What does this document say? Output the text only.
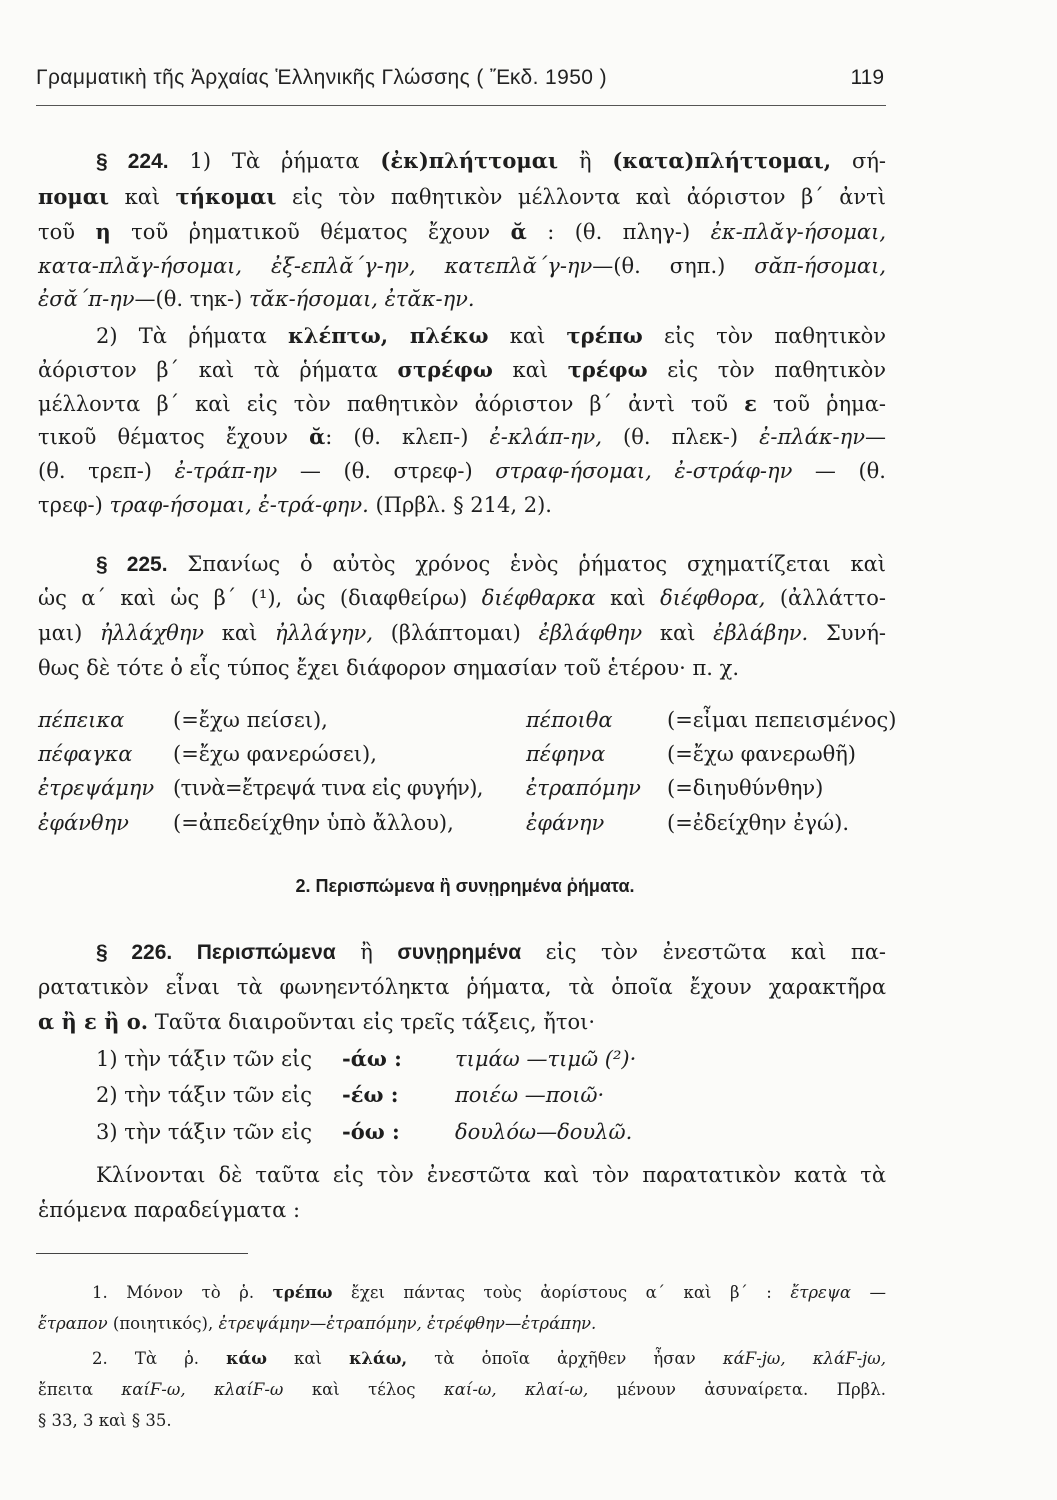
Γραμματικὴ τῆς Ἀρχαίας Ἑλληνικῆς Γλώσσης ( Ἔκδ. 1950 )	119
§ 224. 1) Τὰ ῥήματα (ἐκ)πλήττομαι ἢ (κατα)πλήττομαι, σή-
πομαι καὶ τήκομαι εἰς τὸν παθητικὸν μέλλοντα καὶ ἀόριστον β΄ ἀντὶ
τοῦ η τοῦ ῥηματικοῦ θέματος ἔχουν ᾰ : (θ. πληγ-) ἐκ-πλᾰγ-ήσομαι,
κατα-πλᾰγ-ήσομαι, ἐξ-επλᾰ΄γ-ην, κατεπλᾰ΄γ-ην—(θ. σηπ.) σᾰπ-ήσομαι,
ἐσᾰ΄π-ην—(θ. τηκ-) τᾰκ-ήσομαι, ἐτᾰκ-ην.
2) Τὰ ῥήματα κλέπτω, πλέκω καὶ τρέπω εἰς τὸν παθητικὸν
ἀόριστον β΄ καὶ τὰ ῥήματα στρέφω καὶ τρέφω εἰς τὸν παθητικὸν
μέλλοντα β΄ καὶ εἰς τὸν παθητικὸν ἀόριστον β΄ ἀντὶ τοῦ ε τοῦ ῥημα-
τικοῦ θέματος ἔχουν ᾰ: (θ. κλεπ-) ἐ-κλάπ-ην, (θ. πλεκ-) ἐ-πλάκ-ην—
(θ. τρεπ-) ἐ-τράπ-ην — (θ. στρεφ-) στραφ-ήσομαι, ἐ-στράφ-ην — (θ.
τρεφ-) τραφ-ήσομαι, ἐ-τρά-φην. (Πρβλ. § 214, 2).
§ 225. Σπανίως ὁ αὐτὸς χρόνος ἑνὸς ῥήματος σχηματίζεται καὶ
ὡς α΄ καὶ ὡς β΄ (¹), ὡς (διαφθείρω) διέφθαρκα καὶ διέφθορα, (ἀλλάττο-
μαι) ἠλλάχθην καὶ ἠλλάγην, (βλάπτομαι) ἐβλάφθην καὶ ἐβλάβην. Συνή-
θως δὲ τότε ὁ εἷς τύπος ἔχει διάφορον σημασίαν τοῦ ἑτέρου· π. χ.
πέπεικα (=ἔχω πείσει),	πέποιθα	(=εἶμαι πεπεισμένος)
πέφαγκα (=ἔχω φανερώσει),	πέφηνα	(=ἔχω φανερωθῆ)
ἐτρεψάμην (τινὰ=ἔτρεψά τινα εἰς φυγήν), ἐτραπόμην (=διηυθύνθην)
ἐφάνθην (=ἀπεδείχθην ὑπὸ ἄλλου),	ἐφάνην	(=ἐδείχθην ἐγώ).
2. Περισπώμενα ἢ συνῃρημένα ῥήματα.
§ 226. Περισπώμενα ἢ συνῃρημένα εἰς τὸν ἐνεστῶτα καὶ πα-
ρατατικὸν εἶναι τὰ φωνηεντόληκτα ῥήματα, τὰ ὁποῖα ἔχουν χαρακτῆρα
α ἢ ε ἢ ο. Ταῦτα διαιροῦνται εἰς τρεῖς τάξεις, ἤτοι·
1) τὴν τάξιν τῶν εἰς -άω :	τιμάω —τιμῶ (²)·
2) τὴν τάξιν τῶν εἰς -έω :	ποιέω —ποιῶ·
3) τὴν τάξιν τῶν εἰς -όω :	δουλόω—δουλῶ.
Κλίνονται δὲ ταῦτα εἰς τὸν ἐνεστῶτα καὶ τὸν παρατατικὸν κατὰ τὰ
ἑπόμενα παραδείγματα :
1. Μόνον τὸ ῥ. τρέπω ἔχει πάντας τοὺς ἀορίστους α΄ καὶ β΄ : ἔτρεψα —
ἔτραπον (ποιητικός), ἐτρεψάμην—ἐτραπόμην, ἐτρέφθην—ἐτράπην.
2. Τὰ ῥ. κάω καὶ κλάω, τὰ ὁποῖα ἀρχῆθεν ἦσαν κάϜ-jω, κλάϜ-jω,
ἔπειτα καίϜ-ω, κλαίϜ-ω καὶ τέλος καί-ω, κλαί-ω, μένουν ἀσυναίρετα. Πρβλ.
§ 33, 3 καὶ § 35.
